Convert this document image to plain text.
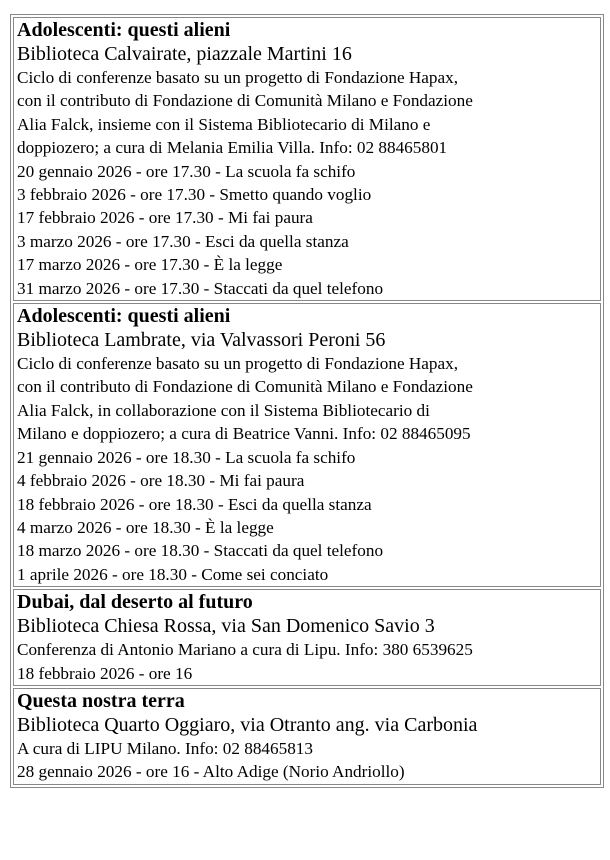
Adolescenti: questi alieni
Biblioteca Calvairate, piazzale Martini 16
Ciclo di conferenze basato su un progetto di Fondazione Hapax,
con il contributo di Fondazione di Comunità Milano e Fondazione
Alia Falck, insieme con il Sistema Bibliotecario di Milano e
doppiozero; a cura di Melania Emilia Villa. Info: 02 88465801
20 gennaio 2026 - ore 17.30 - La scuola fa schifo
3 febbraio 2026 - ore 17.30 - Smetto quando voglio
17 febbraio 2026 - ore 17.30 - Mi fai paura
3 marzo 2026 - ore 17.30 - Esci da quella stanza
17 marzo 2026 - ore 17.30 - È la legge
31 marzo 2026 - ore 17.30 - Staccati da quel telefono

Adolescenti: questi alieni
Biblioteca Lambrate, via Valvassori Peroni 56
Ciclo di conferenze basato su un progetto di Fondazione Hapax,
con il contributo di Fondazione di Comunità Milano e Fondazione
Alia Falck, in collaborazione con il Sistema Bibliotecario di
Milano e doppiozero; a cura di Beatrice Vanni. Info: 02 88465095
21 gennaio 2026 - ore 18.30 - La scuola fa schifo
4 febbraio 2026 - ore 18.30 - Mi fai paura
18 febbraio 2026 - ore 18.30 - Esci da quella stanza
4 marzo 2026 - ore 18.30 - È la legge
18 marzo 2026 - ore 18.30 - Staccati da quel telefono
1 aprile 2026 - ore 18.30 - Come sei conciato

Dubai, dal deserto al futuro
Biblioteca Chiesa Rossa, via San Domenico Savio 3
Conferenza di Antonio Mariano a cura di Lipu. Info: 380 6539625
18 febbraio 2026 - ore 16

Questa nostra terra
Biblioteca Quarto Oggiaro, via Otranto ang. via Carbonia
A cura di LIPU Milano. Info: 02 88465813
28 gennaio 2026 - ore 16 - Alto Adige (Norio Andriollo)
